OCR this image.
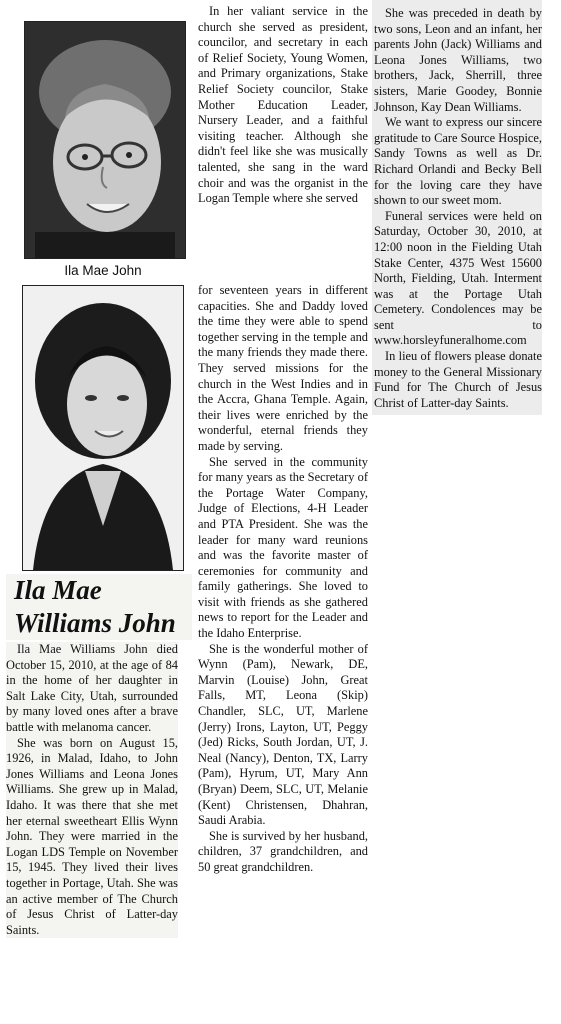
Ila Mae John
Ila Mae
Williams John

Ila Mae Williams John died October 15, 2010, at the age of 84 in the home of her daughter in Salt Lake City, Utah, surrounded by many loved ones after a brave battle with melanoma cancer.

She was born on August 15, 1926, in Malad, Idaho, to John Jones Williams and Leona Jones Williams. She grew up in Malad, Idaho. It was there that she met her eternal sweetheart Ellis Wynn John. They were married in the Logan LDS Temple on November 15, 1945. They lived their lives together in Portage, Utah. She was an active member of The Church of Jesus Christ of Latter-day Saints.

In her valiant service in the church she served as president, councilor, and secretary in each of Relief Society, Young Women, and Primary organizations, Stake Relief Society councilor, Stake Mother Education Leader, Nursery Leader, and a faithful visiting teacher. Although she didn't feel like she was musically talented, she sang in the ward choir and was the organist in the Logan Temple where she served

for seventeen years in different capacities. She and Daddy loved the time they were able to spend together serving in the temple and the many friends they made there. They served missions for the church in the West Indies and in the Accra, Ghana Temple. Again, their lives were enriched by the wonderful, eternal friends they made by serving.

She served in the community for many years as the Secretary of the Portage Water Company, Judge of Elections, 4-H Leader and PTA President. She was the leader for many ward reunions and was the favorite master of ceremonies for community and family gatherings. She loved to visit with friends as she gathered news to report for the Leader and the Idaho Enterprise.

She is the wonderful mother of Wynn (Pam), Newark, DE, Marvin (Louise) John, Great Falls, MT, Leona (Skip) Chandler, SLC, UT, Marlene (Jerry) Irons, Layton, UT, Peggy (Jed) Ricks, South Jordan, UT, J. Neal (Nancy), Denton, TX, Larry (Pam), Hyrum, UT, Mary Ann (Bryan) Deem, SLC, UT, Melanie (Kent) Christensen, Dhahran, Saudi Arabia.

She is survived by her husband, children, 37 grandchildren, and 50 great grandchildren.

She was preceded in death by two sons, Leon and an infant, her parents John (Jack) Williams and Leona Jones Williams, two brothers, Jack, Sherrill, three sisters, Marie Goodey, Bonnie Johnson, Kay Dean Williams.

We want to express our sincere gratitude to Care Source Hospice, Sandy Towns as well as Dr. Richard Orlandi and Becky Bell for the loving care they have shown to our sweet mom.

Funeral services were held on Saturday, October 30, 2010, at 12:00 noon in the Fielding Utah Stake Center, 4375 West 15600 North, Fielding, Utah. Interment was at the Portage Utah Cemetery. Condolences may be sent to www.horsleyfuneralhome.com

In lieu of flowers please donate money to the General Missionary Fund for The Church of Jesus Christ of Latter-day Saints.
